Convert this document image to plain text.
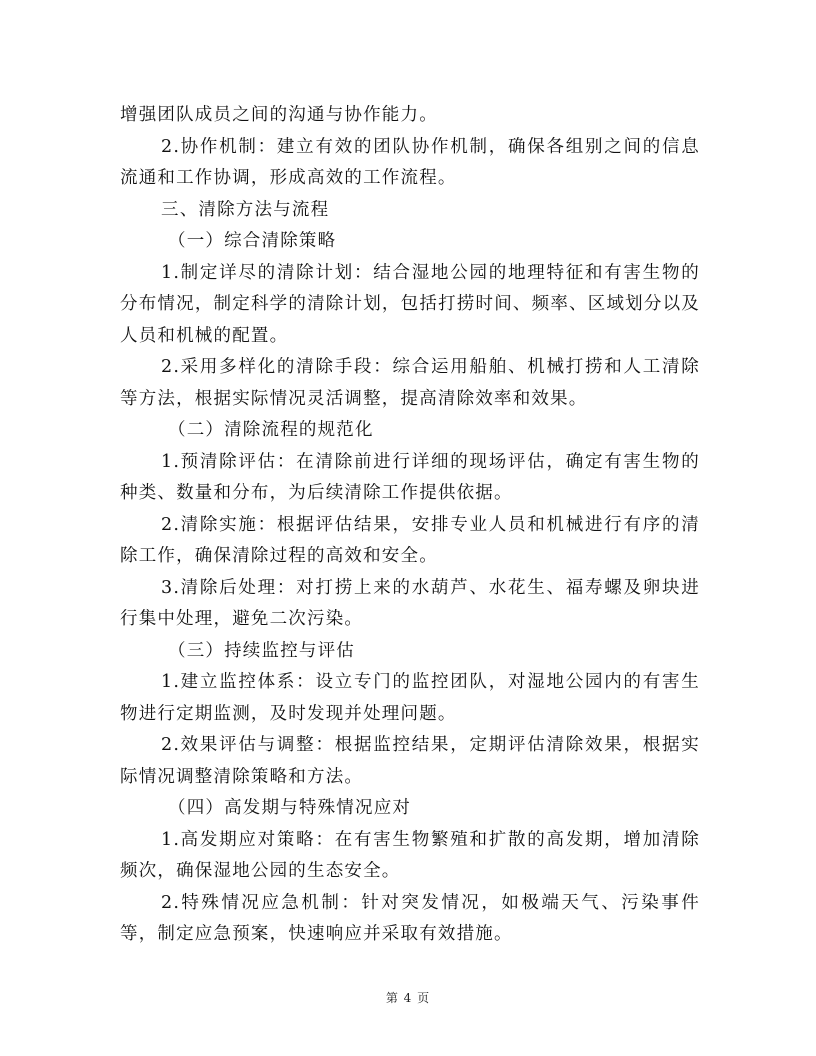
增强团队成员之间的沟通与协作能力。

2.协作机制：建立有效的团队协作机制，确保各组别之间的信息流通和工作协调，形成高效的工作流程。

三、清除方法与流程

（一）综合清除策略

1.制定详尽的清除计划：结合湿地公园的地理特征和有害生物的分布情况，制定科学的清除计划，包括打捞时间、频率、区域划分以及人员和机械的配置。

2.采用多样化的清除手段：综合运用船舶、机械打捞和人工清除等方法，根据实际情况灵活调整，提高清除效率和效果。

（二）清除流程的规范化

1.预清除评估：在清除前进行详细的现场评估，确定有害生物的种类、数量和分布，为后续清除工作提供依据。

2.清除实施：根据评估结果，安排专业人员和机械进行有序的清除工作，确保清除过程的高效和安全。

3.清除后处理：对打捞上来的水葫芦、水花生、福寿螺及卵块进行集中处理，避免二次污染。

（三）持续监控与评估

1.建立监控体系：设立专门的监控团队，对湿地公园内的有害生物进行定期监测，及时发现并处理问题。

2.效果评估与调整：根据监控结果，定期评估清除效果，根据实际情况调整清除策略和方法。

（四）高发期与特殊情况应对

1.高发期应对策略：在有害生物繁殖和扩散的高发期，增加清除频次，确保湿地公园的生态安全。

2.特殊情况应急机制：针对突发情况，如极端天气、污染事件等，制定应急预案，快速响应并采取有效措施。

第 4 页
